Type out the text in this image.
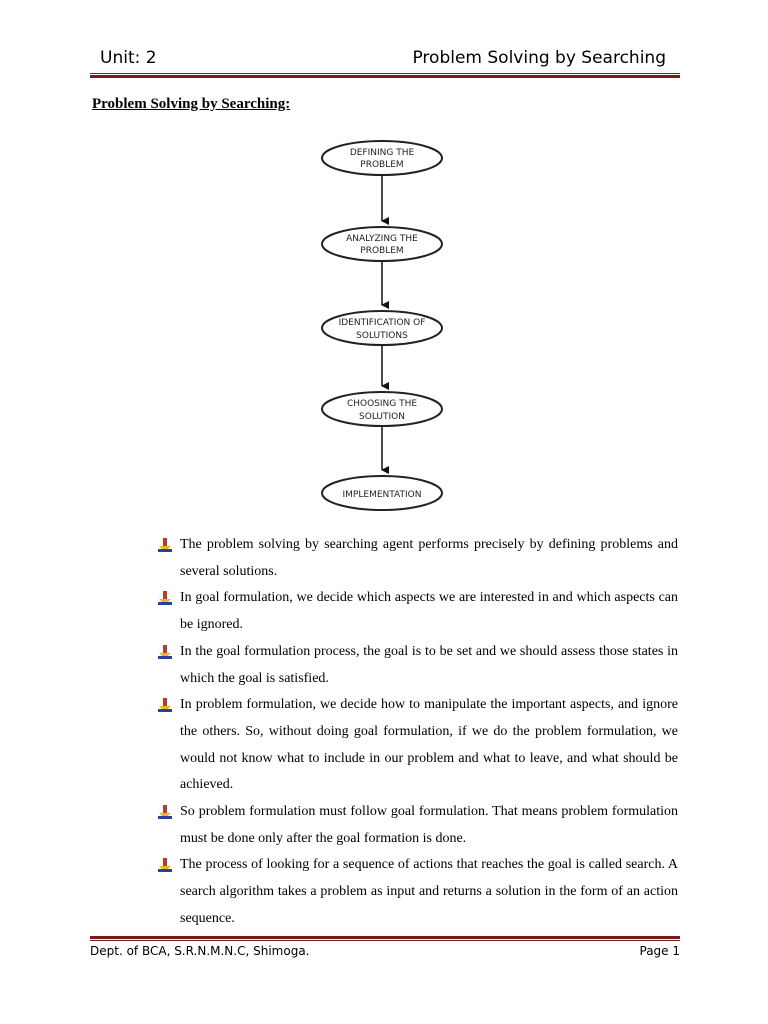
Unit: 2	Problem Solving by Searching
Problem Solving by Searching:
DEFINING THE
PROBLEM
ANALYZING THE
PROBLEM
IDENTIFICATION OF
SOLUTIONS
CHOOSING THE
SOLUTION
IMPLEMENTATION
The problem solving by searching agent performs precisely by defining problems and several solutions.
In goal formulation, we decide which aspects we are interested in and which aspects can be ignored.
In the goal formulation process, the goal is to be set and we should assess those states in which the goal is satisfied.
In problem formulation, we decide how to manipulate the important aspects, and ignore the others. So, without doing goal formulation, if we do the problem formulation, we would not know what to include in our problem and what to leave, and what should be achieved.
So problem formulation must follow goal formulation. That means problem formulation must be done only after the goal formation is done.
The process of looking for a sequence of actions that reaches the goal is called search. A search algorithm takes a problem as input and returns a solution in the form of an action sequence.
Dept. of BCA, S.R.N.M.N.C, Shimoga.	Page 1
